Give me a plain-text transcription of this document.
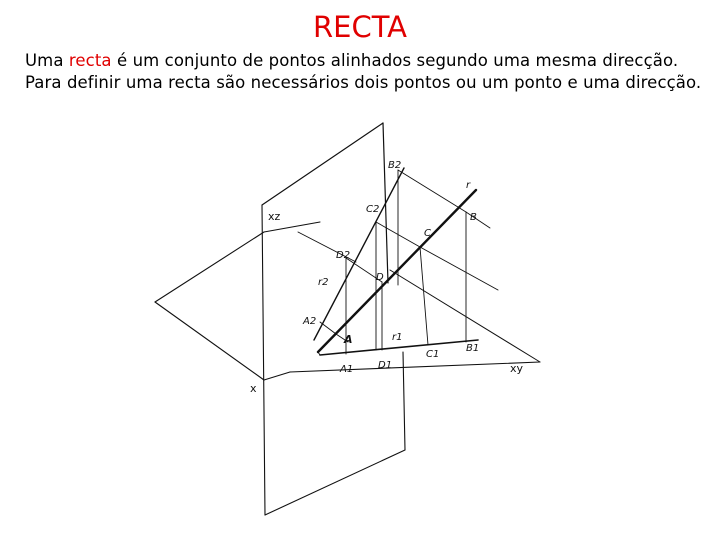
RECTA
Uma recta é um conjunto de pontos alinhados segundo uma mesma direcção.
Para definir uma recta são necessários dois pontos ou um ponto e uma direcção.
xz
xy
x
B2
C2
D2
r2
A2
r
B
C
D
A
A1
r1
D1
C1
B1
